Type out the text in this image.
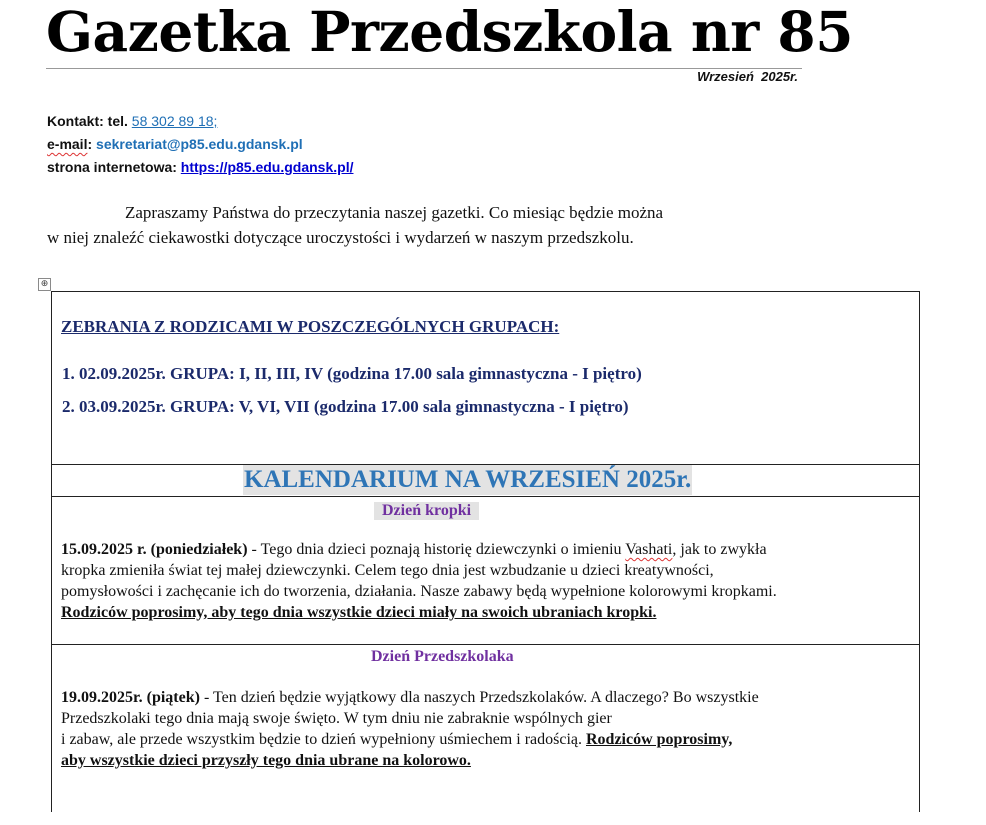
Gazetka Przedszkola nr 85
Wrzesień  2025r.
Kontakt: tel. 58 302 89 18;
e-mail: sekretariat@p85.edu.gdansk.pl
strona internetowa: https://p85.edu.gdansk.pl/
Zapraszamy Państwa do przeczytania naszej gazetki. Co miesiąc będzie można
w niej znaleźć ciekawostki dotyczące uroczystości i wydarzeń w naszym przedszkolu.
⊕
ZEBRANIA Z RODZICAMI W POSZCZEGÓLNYCH GRUPACH:
1. 02.09.2025r. GRUPA: I, II, III, IV (godzina 17.00 sala gimnastyczna - I piętro)
2. 03.09.2025r. GRUPA: V, VI, VII (godzina 17.00 sala gimnastyczna - I piętro)
KALENDARIUM NA WRZESIEŃ 2025r.
Dzień kropki
15.09.2025 r. (poniedziałek) - Tego dnia dzieci poznają historię dziewczynki o imieniu Vashati, jak to zwykła
kropka zmieniła świat tej małej dziewczynki. Celem tego dnia jest wzbudzanie u dzieci kreatywności,
pomysłowości i zachęcanie ich do tworzenia, działania. Nasze zabawy będą wypełnione kolorowymi kropkami.
Rodziców poprosimy, aby tego dnia wszystkie dzieci miały na swoich ubraniach kropki.
Dzień Przedszkolaka
19.09.2025r. (piątek) - Ten dzień będzie wyjątkowy dla naszych Przedszkolaków. A dlaczego? Bo wszystkie
Przedszkolaki tego dnia mają swoje święto. W tym dniu nie zabraknie wspólnych gier
i zabaw, ale przede wszystkim będzie to dzień wypełniony uśmiechem i radością. Rodziców poprosimy,
aby wszystkie dzieci przyszły tego dnia ubrane na kolorowo.
